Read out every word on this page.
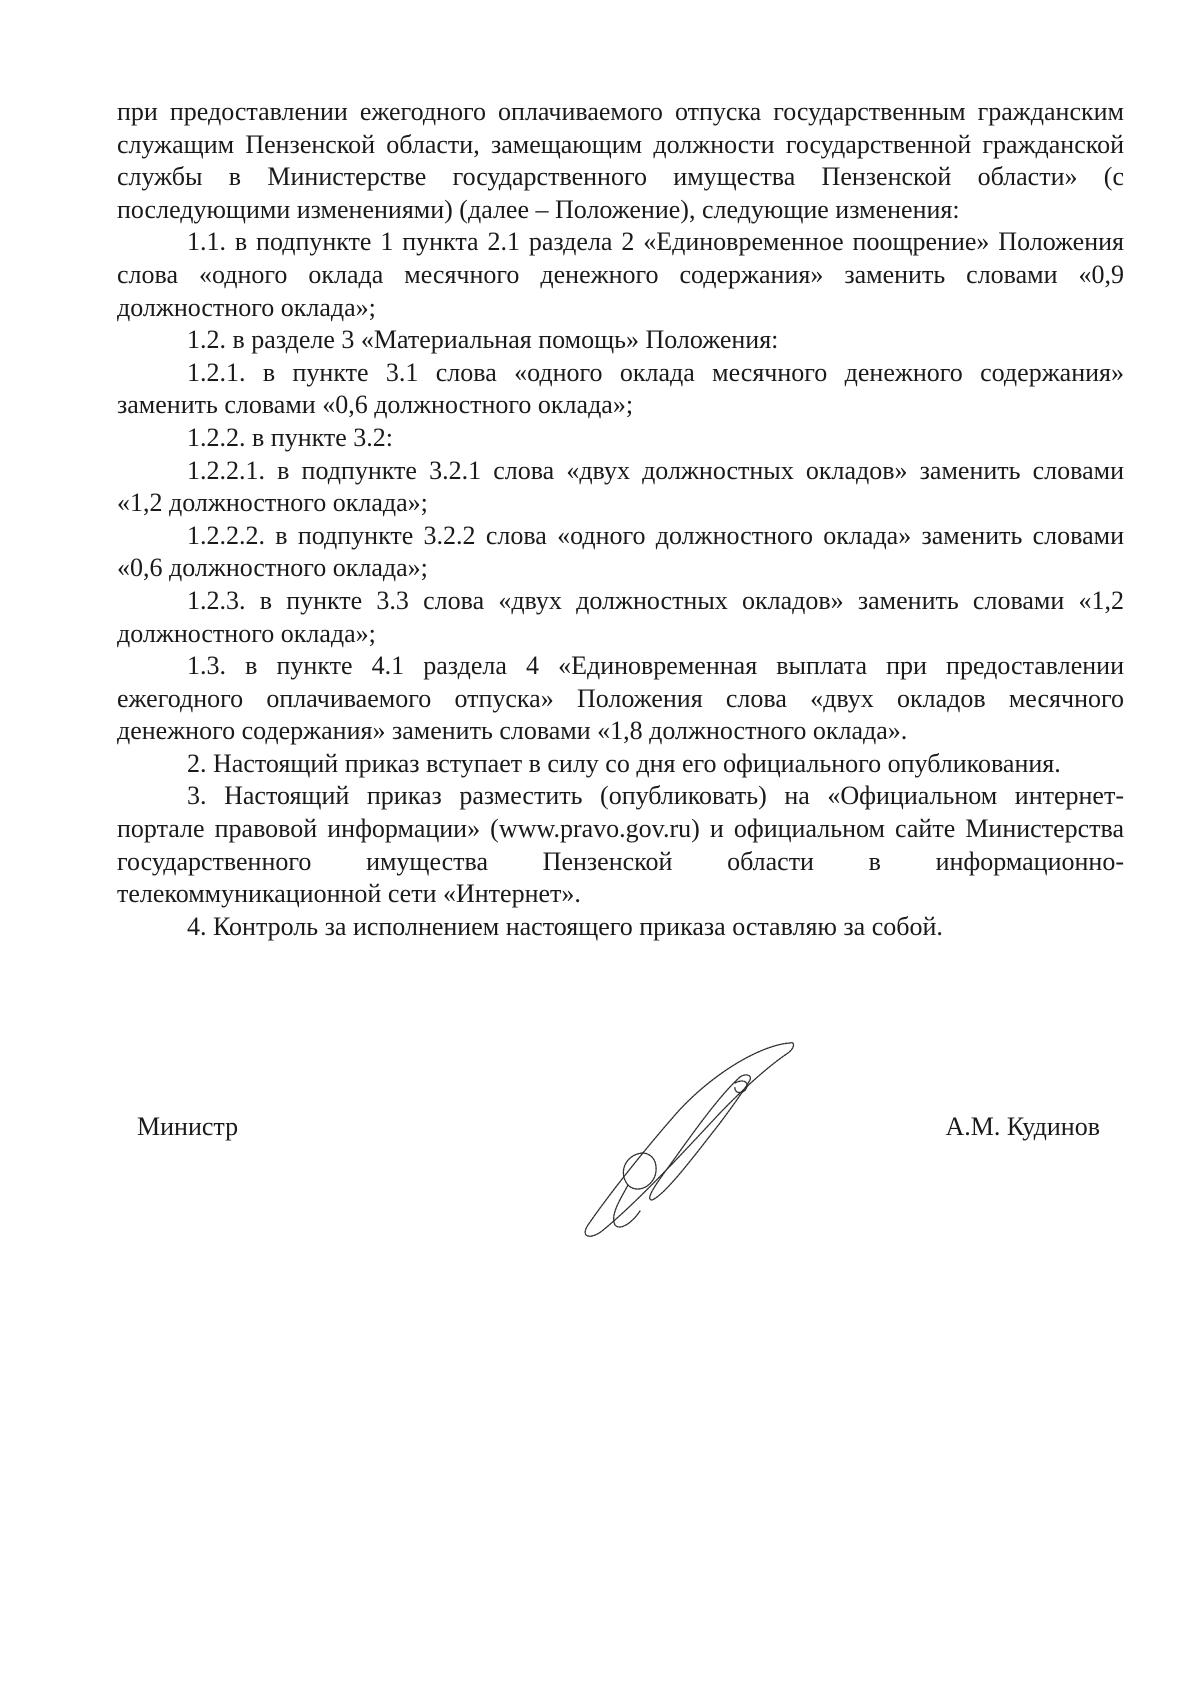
при предоставлении ежегодного оплачиваемого отпуска государственным гражданским служащим Пензенской области, замещающим должности государственной гражданской службы в Министерстве государственного имущества Пензенской области» (с последующими изменениями) (далее – Положение), следующие изменения:

1.1. в подпункте 1 пункта 2.1 раздела 2 «Единовременное поощрение» Положения слова «одного оклада месячного денежного содержания» заменить словами «0,9 должностного оклада»;

1.2. в разделе 3 «Материальная помощь» Положения:

1.2.1. в пункте 3.1 слова «одного оклада месячного денежного содержания» заменить словами «0,6 должностного оклада»;

1.2.2. в пункте 3.2:

1.2.2.1. в подпункте 3.2.1 слова «двух должностных окладов» заменить словами «1,2 должностного оклада»;

1.2.2.2. в подпункте 3.2.2 слова «одного должностного оклада» заменить словами «0,6 должностного оклада»;

1.2.3. в пункте 3.3 слова «двух должностных окладов» заменить словами «1,2 должностного оклада»;

1.3. в пункте 4.1 раздела 4 «Единовременная выплата при предоставлении ежегодного оплачиваемого отпуска» Положения слова «двух окладов месячного денежного содержания» заменить словами «1,8 должностного оклада».

2. Настоящий приказ вступает в силу со дня его официального опубликования.

3. Настоящий приказ разместить (опубликовать) на «Официальном интернет-портале правовой информации» (www.pravo.gov.ru) и официальном сайте Министерства государственного имущества Пензенской области в информационно-телекоммуникационной сети «Интернет».

4. Контроль за исполнением настоящего приказа оставляю за собой.

Министр	А.М. Кудинов
